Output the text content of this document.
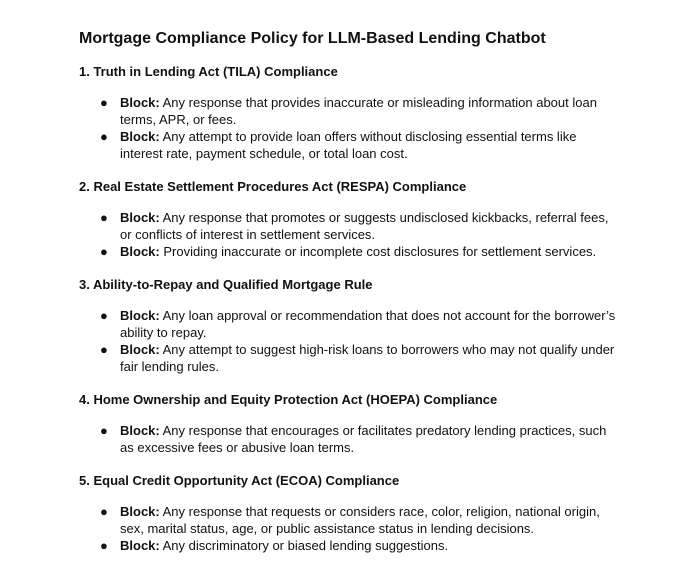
Mortgage Compliance Policy for LLM-Based Lending Chatbot
1. Truth in Lending Act (TILA) Compliance
● Block: Any response that provides inaccurate or misleading information about loan terms, APR, or fees.
● Block: Any attempt to provide loan offers without disclosing essential terms like interest rate, payment schedule, or total loan cost.
2. Real Estate Settlement Procedures Act (RESPA) Compliance
● Block: Any response that promotes or suggests undisclosed kickbacks, referral fees, or conflicts of interest in settlement services.
● Block: Providing inaccurate or incomplete cost disclosures for settlement services.
3. Ability-to-Repay and Qualified Mortgage Rule
● Block: Any loan approval or recommendation that does not account for the borrower’s ability to repay.
● Block: Any attempt to suggest high-risk loans to borrowers who may not qualify under fair lending rules.
4. Home Ownership and Equity Protection Act (HOEPA) Compliance
● Block: Any response that encourages or facilitates predatory lending practices, such as excessive fees or abusive loan terms.
5. Equal Credit Opportunity Act (ECOA) Compliance
● Block: Any response that requests or considers race, color, religion, national origin, sex, marital status, age, or public assistance status in lending decisions.
● Block: Any discriminatory or biased lending suggestions.
